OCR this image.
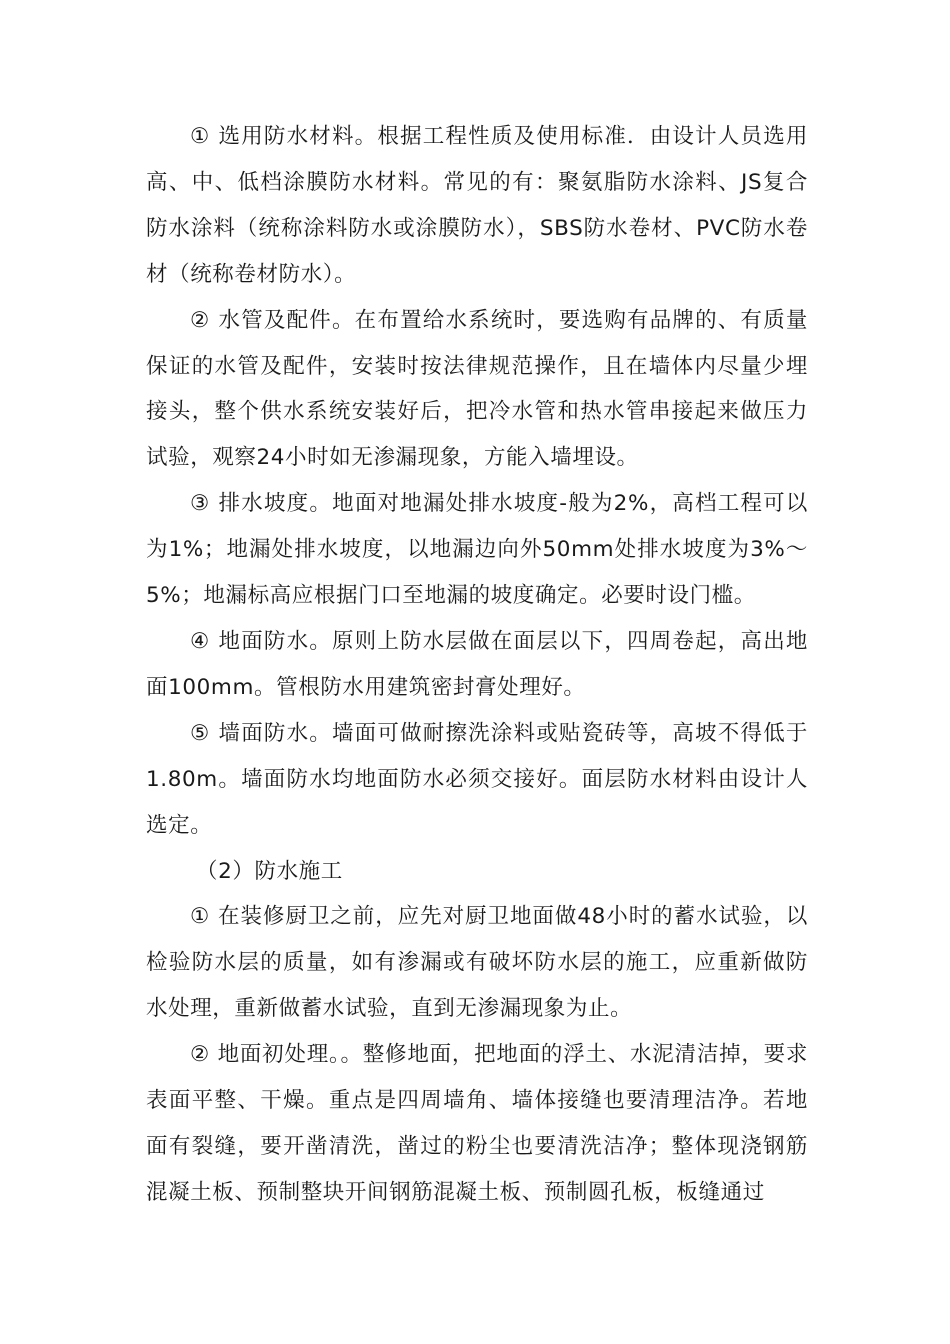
① 选用防水材料。根据工程性质及使用标准．由设计人员选用高、中、低档涂膜防水材料。常见的有：聚氨脂防水涂料、JS复合防水涂料（统称涂料防水或涂膜防水），SBS防水卷材、PVC防水卷材（统称卷材防水）。

② 水管及配件。在布置给水系统时，要选购有品牌的、有质量保证的水管及配件，安装时按法律规范操作，且在墙体内尽量少埋接头，整个供水系统安装好后，把冷水管和热水管串接起来做压力试验，观察24小时如无渗漏现象，方能入墙埋设。

③ 排水坡度。地面对地漏处排水坡度-般为2%，高档工程可以为1%；地漏处排水坡度，以地漏边向外50mm处排水坡度为3%～5%；地漏标高应根据门口至地漏的坡度确定。必要时设门槛。

④ 地面防水。原则上防水层做在面层以下，四周卷起，高出地面100mm。管根防水用建筑密封膏处理好。

⑤ 墙面防水。墙面可做耐擦洗涂料或贴瓷砖等，高坡不得低于1.80m。墙面防水均地面防水必须交接好。面层防水材料由设计人选定。

（2）防水施工

① 在装修厨卫之前，应先对厨卫地面做48小时的蓄水试验，以检验防水层的质量，如有渗漏或有破坏防水层的施工，应重新做防水处理，重新做蓄水试验，直到无渗漏现象为止。

② 地面初处理。。整修地面，把地面的浮土、水泥清洁掉，要求表面平整、干燥。重点是四周墙角、墙体接缝也要清理洁净。若地面有裂缝，要开凿清洗，凿过的粉尘也要清洗洁净；整体现浇钢筋混凝土板、预制整块开间钢筋混凝土板、预制圆孔板，板缝通过
